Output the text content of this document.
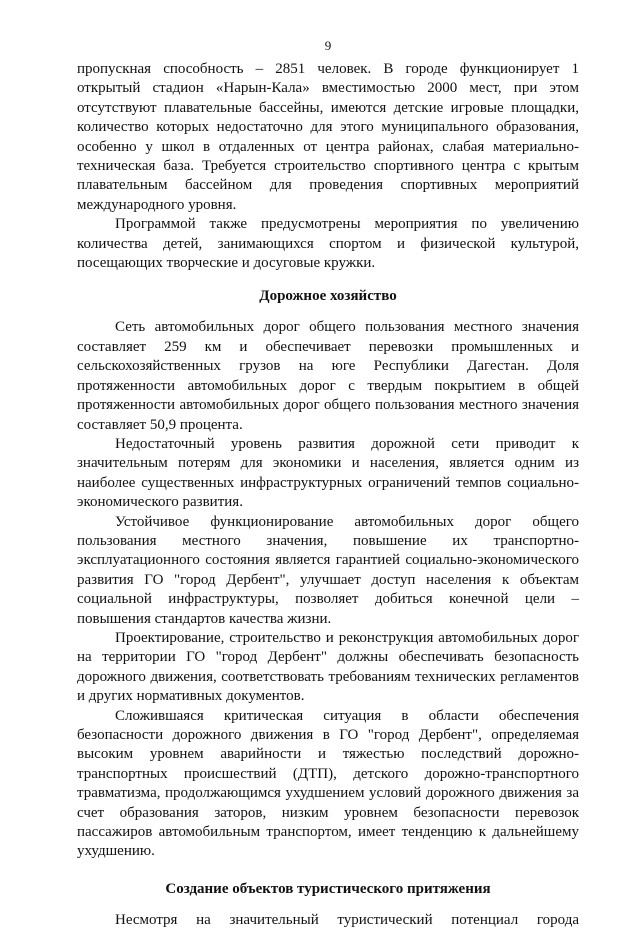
9

пропускная способность – 2851 человек. В городе функционирует 1 открытый стадион «Нарын-Кала» вместимостью 2000 мест, при этом отсутствуют плавательные бассейны, имеются детские игровые площадки, количество которых недостаточно для этого муниципального образования, особенно у школ в отдаленных от центра районах, слабая материально-техническая база. Требуется строительство спортивного центра с крытым плавательным бассейном для проведения спортивных мероприятий международного уровня.

Программой также предусмотрены мероприятия по увеличению количества детей, занимающихся спортом и физической культурой, посещающих творческие и досуговые кружки.

Дорожное хозяйство

Сеть автомобильных дорог общего пользования местного значения составляет 259 км и обеспечивает перевозки промышленных и сельскохозяйственных грузов на юге Республики Дагестан. Доля протяженности автомобильных дорог с твердым покрытием в общей протяженности автомобильных дорог общего пользования местного значения составляет 50,9 процента.

Недостаточный уровень развития дорожной сети приводит к значительным потерям для экономики и населения, является одним из наиболее существенных инфраструктурных ограничений темпов социально-экономического развития.

Устойчивое функционирование автомобильных дорог общего пользования местного значения, повышение их транспортно-эксплуатационного состояния является гарантией социально-экономического развития ГО "город Дербент", улучшает доступ населения к объектам социальной инфраструктуры, позволяет добиться конечной цели – повышения стандартов качества жизни.

Проектирование, строительство и реконструкция автомобильных дорог на территории ГО "город Дербент" должны обеспечивать безопасность дорожного движения, соответствовать требованиям технических регламентов и других нормативных документов.

Сложившаяся критическая ситуация в области обеспечения безопасности дорожного движения в ГО "город Дербент", определяемая высоким уровнем аварийности и тяжестью последствий дорожно-транспортных происшествий (ДТП), детского дорожно-транспортного травматизма, продолжающимся ухудшением условий дорожного движения за счет образования заторов, низким уровнем безопасности перевозок пассажиров автомобильным транспортом, имеет тенденцию к дальнейшему ухудшению.

Создание объектов туристического притяжения

Несмотря на значительный туристический потенциал города
